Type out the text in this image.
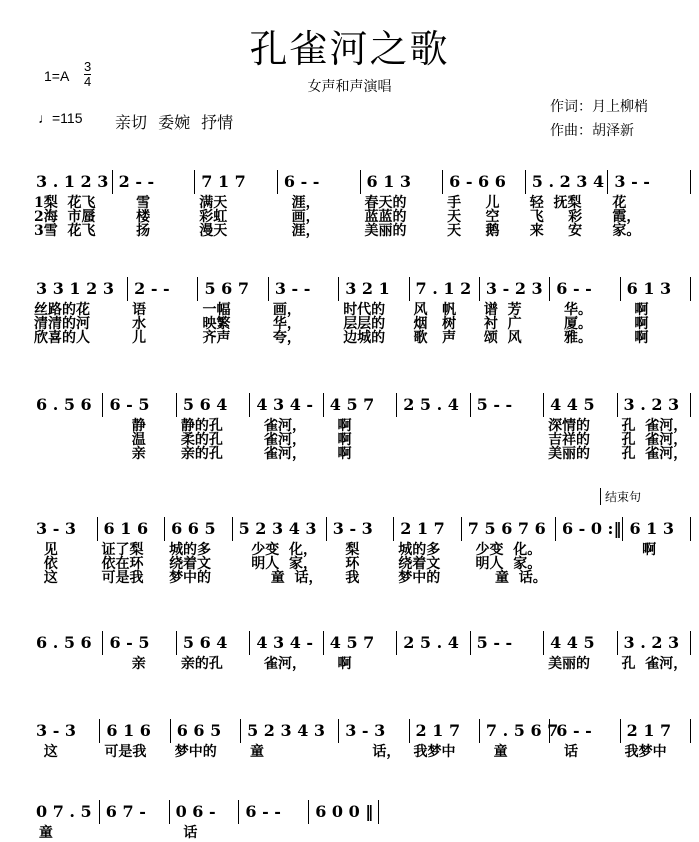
孔雀河之歌
1=A
3
4
♩=115 亲切 委婉 抒情
女声和声演唱
作词：月上柳梢
作曲：胡泽新
结束句
3 . 1 2 3
1梨  花飞
2海  市蜃
3雪  花飞
2 - -
雪
楼
扬
7 1 7
满天
彩虹
漫天
6 - -
涯，
画，
涯，
6 1 3
春天的
蓝蓝的
美丽的
6 - 6 6
手     儿
天     空
天     鹅
5 . 2 3 4
轻  抚梨
飞     彩
来     安
3 - -
花
霞，
家。
3 3 1 2 3
丝路的花
清清的河
欣喜的人
2 - -
语
水
儿
5 6 7
一幅
映繁
齐声
3 - -
画，
华，
夸，
3 2 1
时代的
层层的
边城的
7 . 1 2
风   帆
烟   树
歌   声
3 - 2 3
谱  芳
衬  广
颂  风
6 - -
华。
厦。
雅。
6 1 3
啊
啊
啊
6 . 5 6 6 - 5
静
温
亲
5 6 4
静的孔
柔的孔
亲的孔
4 3 4 -
雀河，
雀河，
雀河，
4 5 7
啊
啊
啊
2 5 . 4 5 - - 4 4 5
深情的
吉祥的
美丽的
3 . 2 3
孔  雀河，
孔  雀河，
孔  雀河，
3 - 3
见
依
这
6 1 6
证了梨
依在环
可是我
6 6 5
城的多
绕着文
梦中的
5 2 3 4 3
少变  化，
明人  家，
童  话，
3 - 3
梨
环
我
2 1 7
城的多
绕着文
梦中的
7 5 6 7 6
少变  化。
明人  家。
童  话。
6 - 0 :‖ 6 1 3
啊

6 . 5 6 6 - 5
亲
5 6 4
亲的孔
4 3 4 -
雀河，
4 5 7
啊
2 5 . 4 5 - - 4 4 5
美丽的
3 . 2 3
孔  雀河，
3 - 3
这
6 1 6
可是我
6 6 5
梦中的
5 2 3 4 3
童
3 - 3
话，
2 1 7
我梦中
7 . 5 6 7
童
6 - -
话
2 1 7
我梦中
0 7 . 5
童
6 7 - 0 6 -
话
6 - - 6 0 0 ‖
